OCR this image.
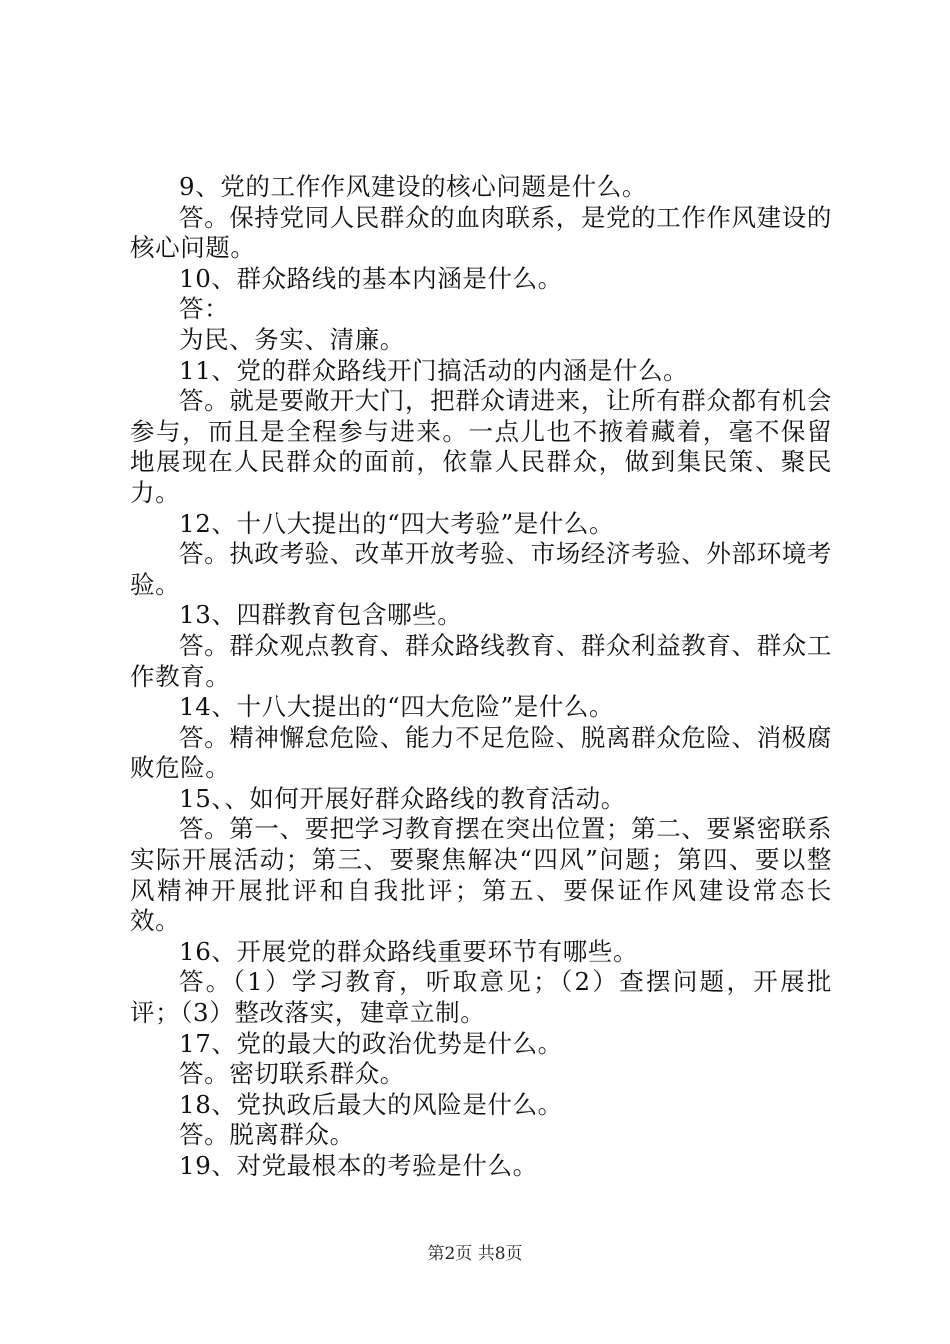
9、党的工作作风建设的核心问题是什么。

答。保持党同人民群众的血肉联系，是党的工作作风建设的核心问题。

10、群众路线的基本内涵是什么。

答：

为民、务实、清廉。

11、党的群众路线开门搞活动的内涵是什么。

答。就是要敞开大门，把群众请进来，让所有群众都有机会参与，而且是全程参与进来。一点儿也不掖着藏着，毫不保留地展现在人民群众的面前，依靠人民群众，做到集民策、聚民力。

12、十八大提出的“四大考验”是什么。

答。执政考验、改革开放考验、市场经济考验、外部环境考验。

13、四群教育包含哪些。

答。群众观点教育、群众路线教育、群众利益教育、群众工作教育。

14、十八大提出的“四大危险”是什么。

答。精神懈怠危险、能力不足危险、脱离群众危险、消极腐败危险。

15、、如何开展好群众路线的教育活动。

答。第一、要把学习教育摆在突出位置；第二、要紧密联系实际开展活动；第三、要聚焦解决“四风”问题；第四、要以整风精神开展批评和自我批评；第五、要保证作风建设常态长效。

16、开展党的群众路线重要环节有哪些。

答。（1）学习教育，听取意见；（2）查摆问题，开展批评；（3）整改落实，建章立制。

17、党的最大的政治优势是什么。

答。密切联系群众。

18、党执政后最大的风险是什么。

答。脱离群众。

19、对党最根本的考验是什么。

第2页 共8页
